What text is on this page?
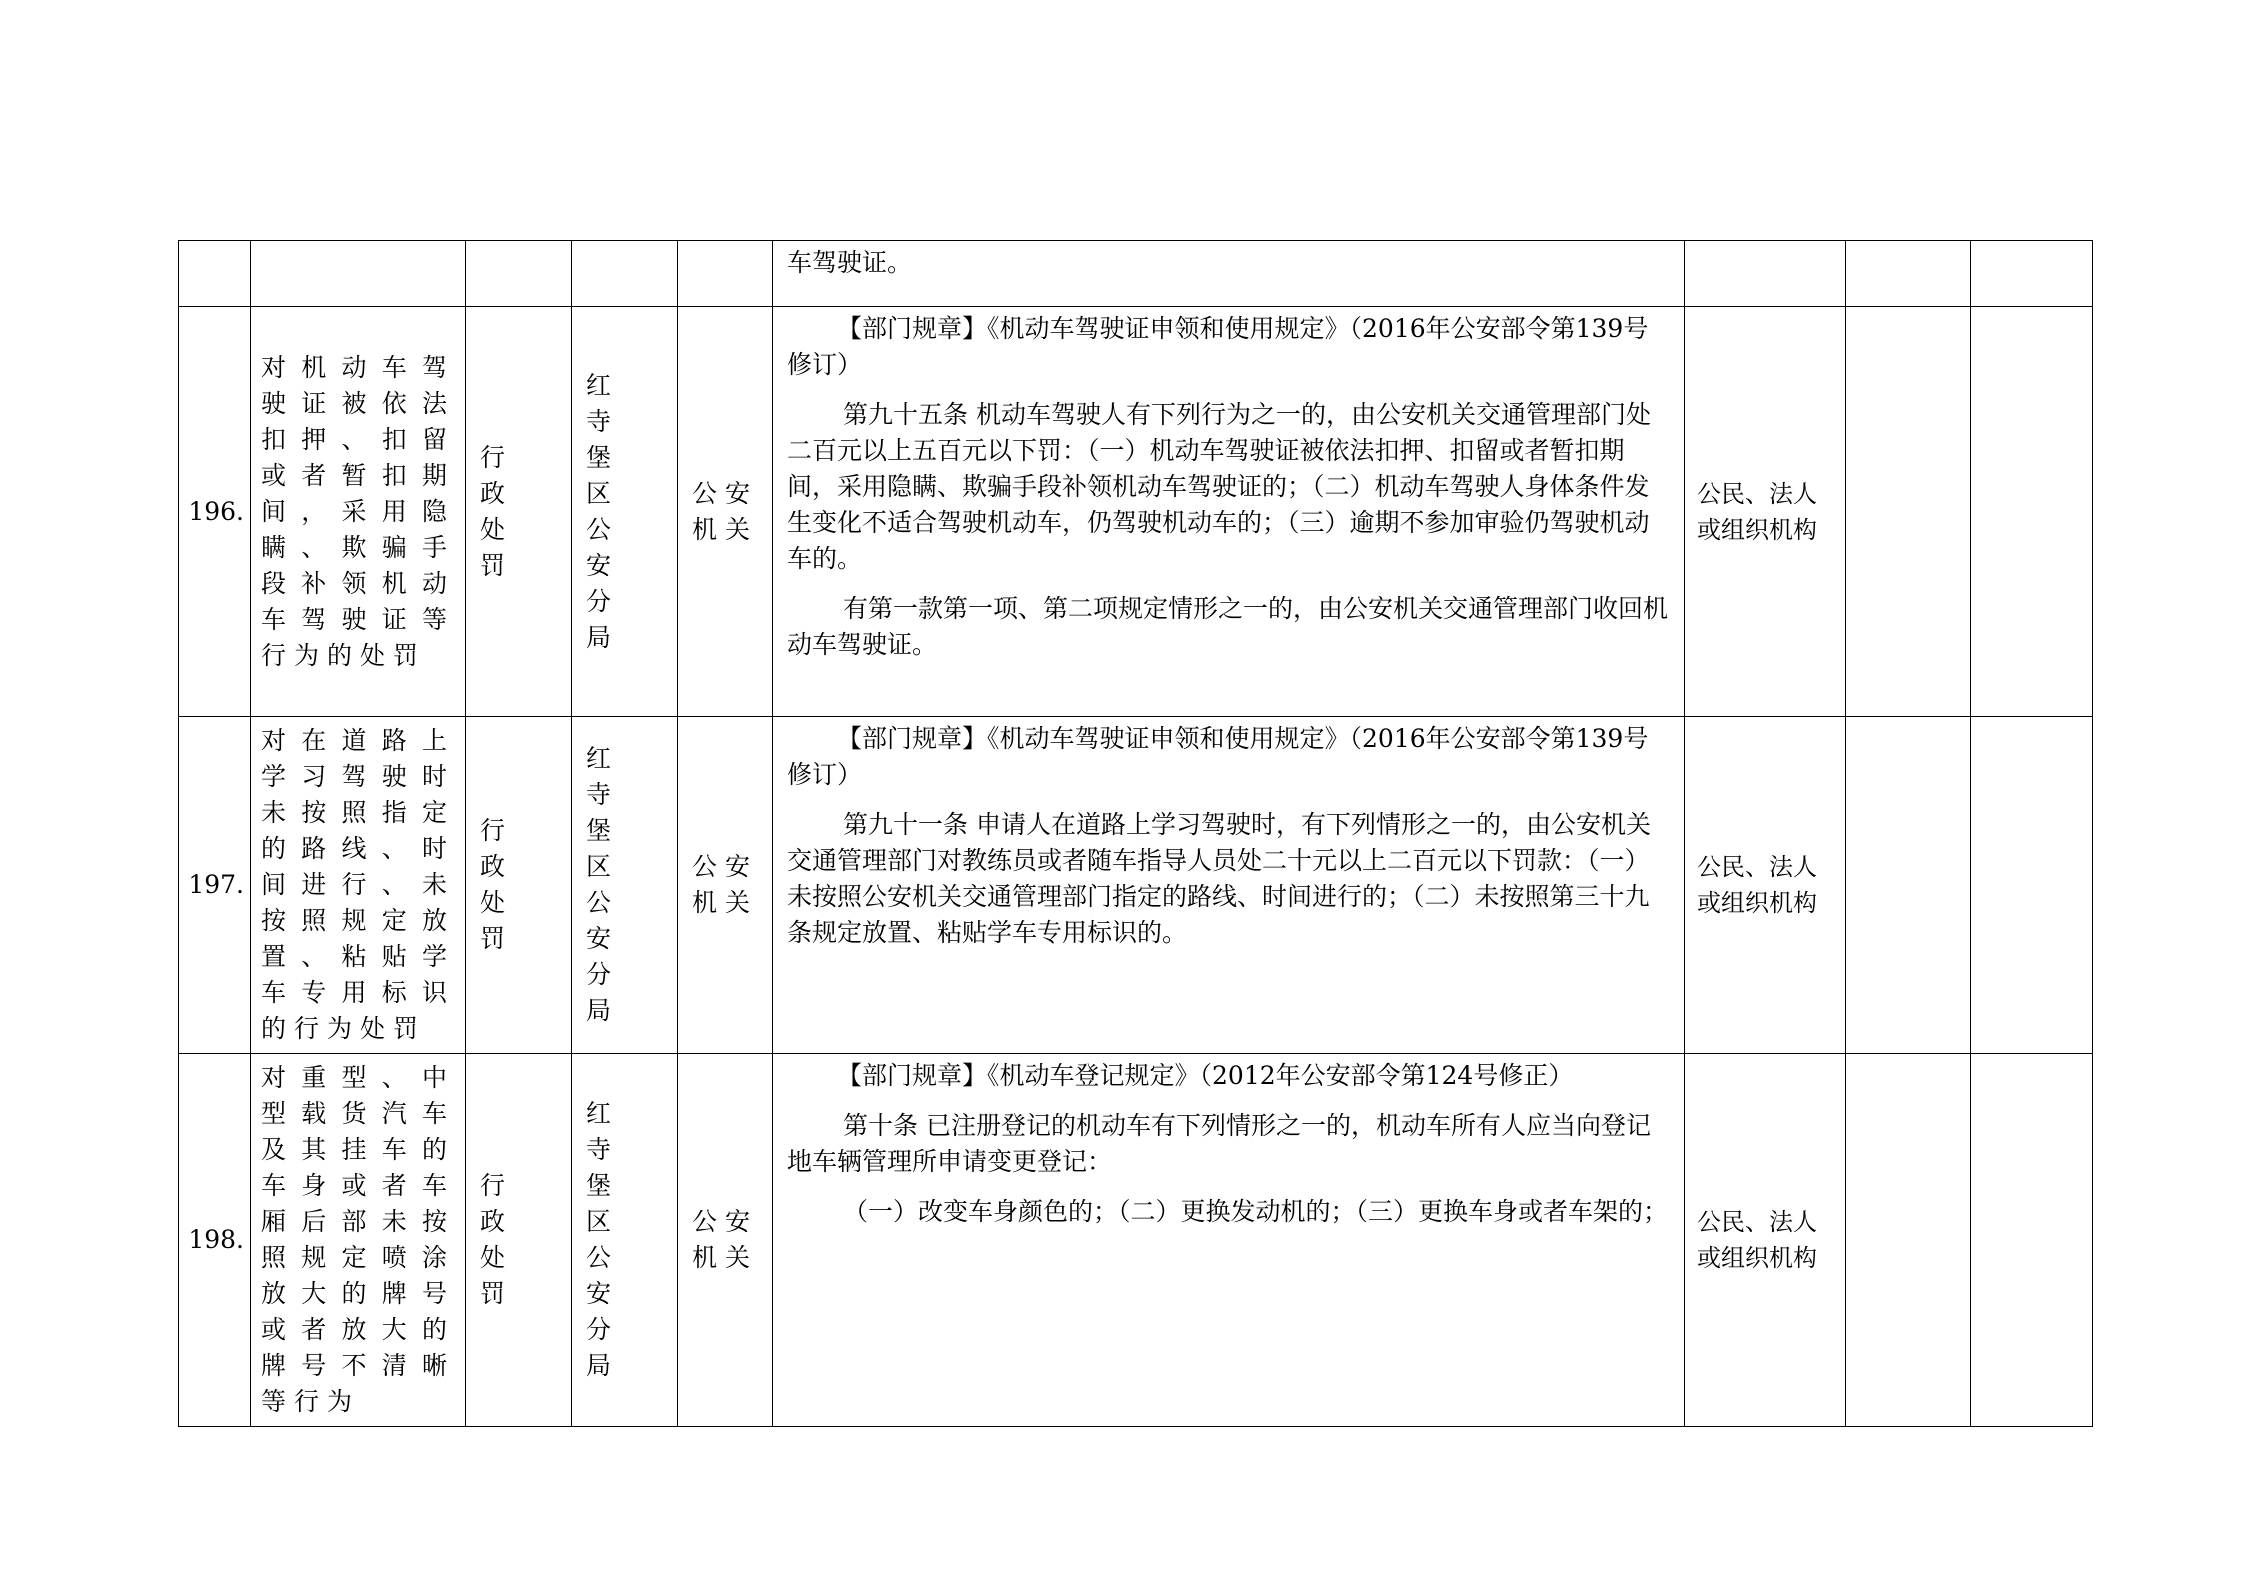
					车驾驶证。			
196.	对机动车驾驶证被依法扣押、扣留或者暂扣期间，采用隐瞒、欺骗手段补领机动车驾驶证等行为的处罚	行政处罚	红寺堡区公安分局	公安机关	【部门规章】《机动车驾驶证申领和使用规定》（2016年公安部令第139号修订）

第九十五条 机动车驾驶人有下列行为之一的，由公安机关交通管理部门处二百元以上五百元以下罚：（一）机动车驾驶证被依法扣押、扣留或者暂扣期间，采用隐瞒、欺骗手段补领机动车驾驶证的；（二）机动车驾驶人身体条件发生变化不适合驾驶机动车，仍驾驶机动车的；（三）逾期不参加审验仍驾驶机动车的。

有第一款第一项、第二项规定情形之一的，由公安机关交通管理部门收回机动车驾驶证。	公民、法人或组织机构		
197.	对在道路上学习驾驶时未按照指定的路线、时间进行、未按照规定放置、粘贴学车专用标识的行为处罚	行政处罚	红寺堡区公安分局	公安机关	【部门规章】《机动车驾驶证申领和使用规定》（2016年公安部令第139号修订）

第九十一条 申请人在道路上学习驾驶时，有下列情形之一的，由公安机关交通管理部门对教练员或者随车指导人员处二十元以上二百元以下罚款：（一）未按照公安机关交通管理部门指定的路线、时间进行的；（二）未按照第三十九条规定放置、粘贴学车专用标识的。	公民、法人或组织机构		
198.	对重型、中型载货汽车及其挂车的车身或者车厢后部未按照规定喷涂放大的牌号或者放大的牌号不清晰等行为	行政处罚	红寺堡区公安分局	公安机关	【部门规章】《机动车登记规定》（2012年公安部令第124号修正）

第十条 已注册登记的机动车有下列情形之一的，机动车所有人应当向登记地车辆管理所申请变更登记：

（一）改变车身颜色的；（二）更换发动机的；（三）更换车身或者车架的；	公民、法人或组织机构		
